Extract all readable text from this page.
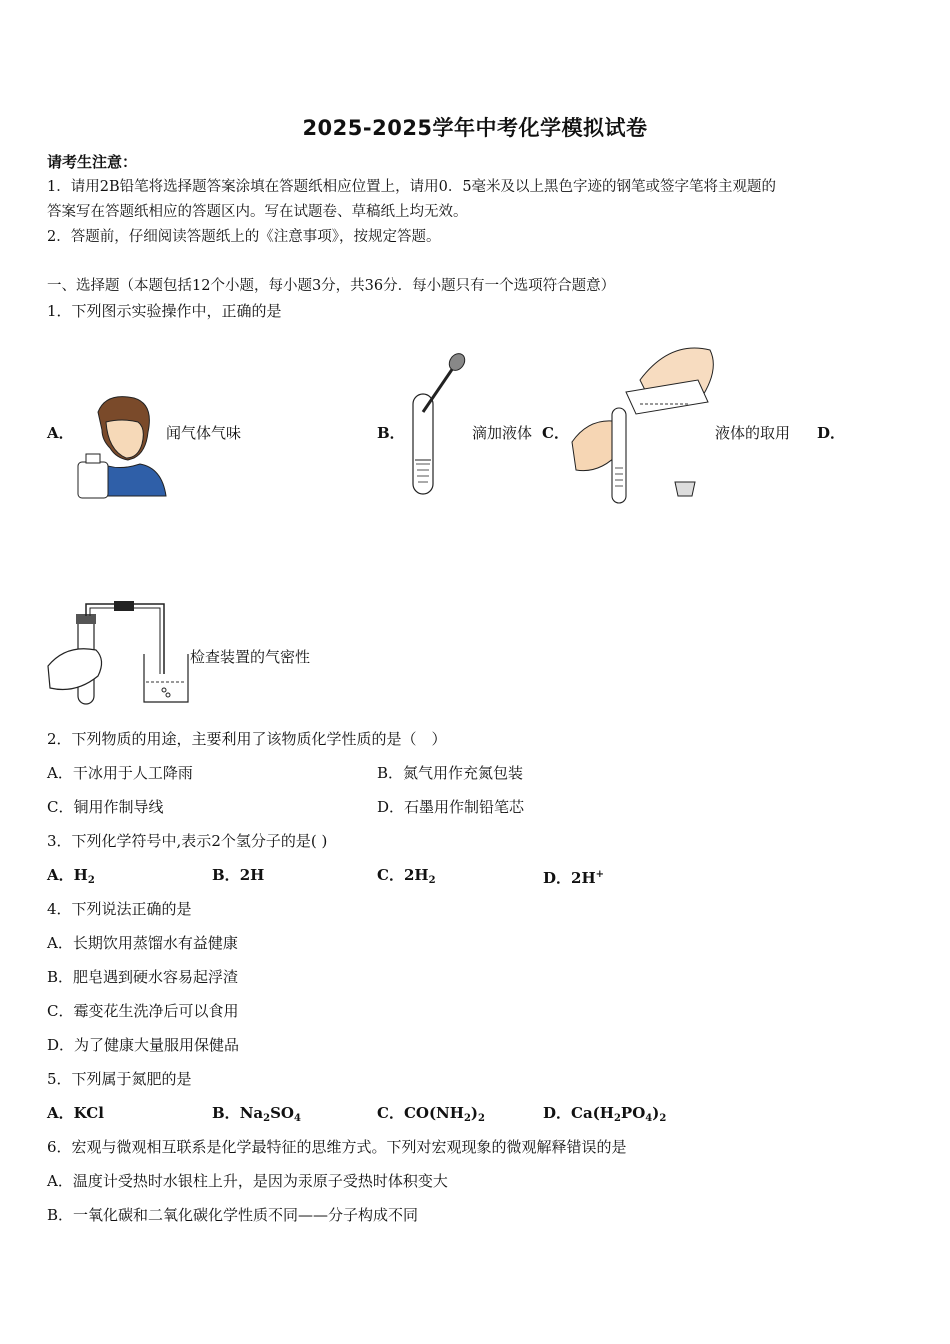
2025-2025学年中考化学模拟试卷
请考生注意：
1．请用2B铅笔将选择题答案涂填在答题纸相应位置上，请用0．5毫米及以上黑色字迹的钢笔或签字笔将主观题的
答案写在答题纸相应的答题区内。写在试题卷、草稿纸上均无效。
2．答题前，仔细阅读答题纸上的《注意事项》，按规定答题。
一、选择题（本题包括12个小题，每小题3分，共36分．每小题只有一个选项符合题意）
1．下列图示实验操作中，正确的是
A．	闻气体气味	B．	滴加液体 C．	液体的取用 D．
检查装置的气密性
2．下列物质的用途，主要利用了该物质化学性质的是（　）
A．干冰用于人工降雨	B．氮气用作充氮包装
C．铜用作制导线	D．石墨用作制铅笔芯
3．下列化学符号中,表示2个氢分子的是( )
A．$H_2$	B．2H	C．$2H_2$	D．2H+
4．下列说法正确的是
A．长期饮用蒸馏水有益健康
B．肥皂遇到硬水容易起浮渣
C．霉变花生洗净后可以食用
D．为了健康大量服用保健品
5．下列属于氮肥的是
A．KCl	B．$Na_2SO_4$	C．$CO(NH_2)_2$	D．$Ca(H_2PO_4)_2$
6．宏观与微观相互联系是化学最特征的思维方式。下列对宏观现象的微观解释错误的是
A．温度计受热时水银柱上升，是因为汞原子受热时体积变大
B．一氧化碳和二氧化碳化学性质不同——分子构成不同
